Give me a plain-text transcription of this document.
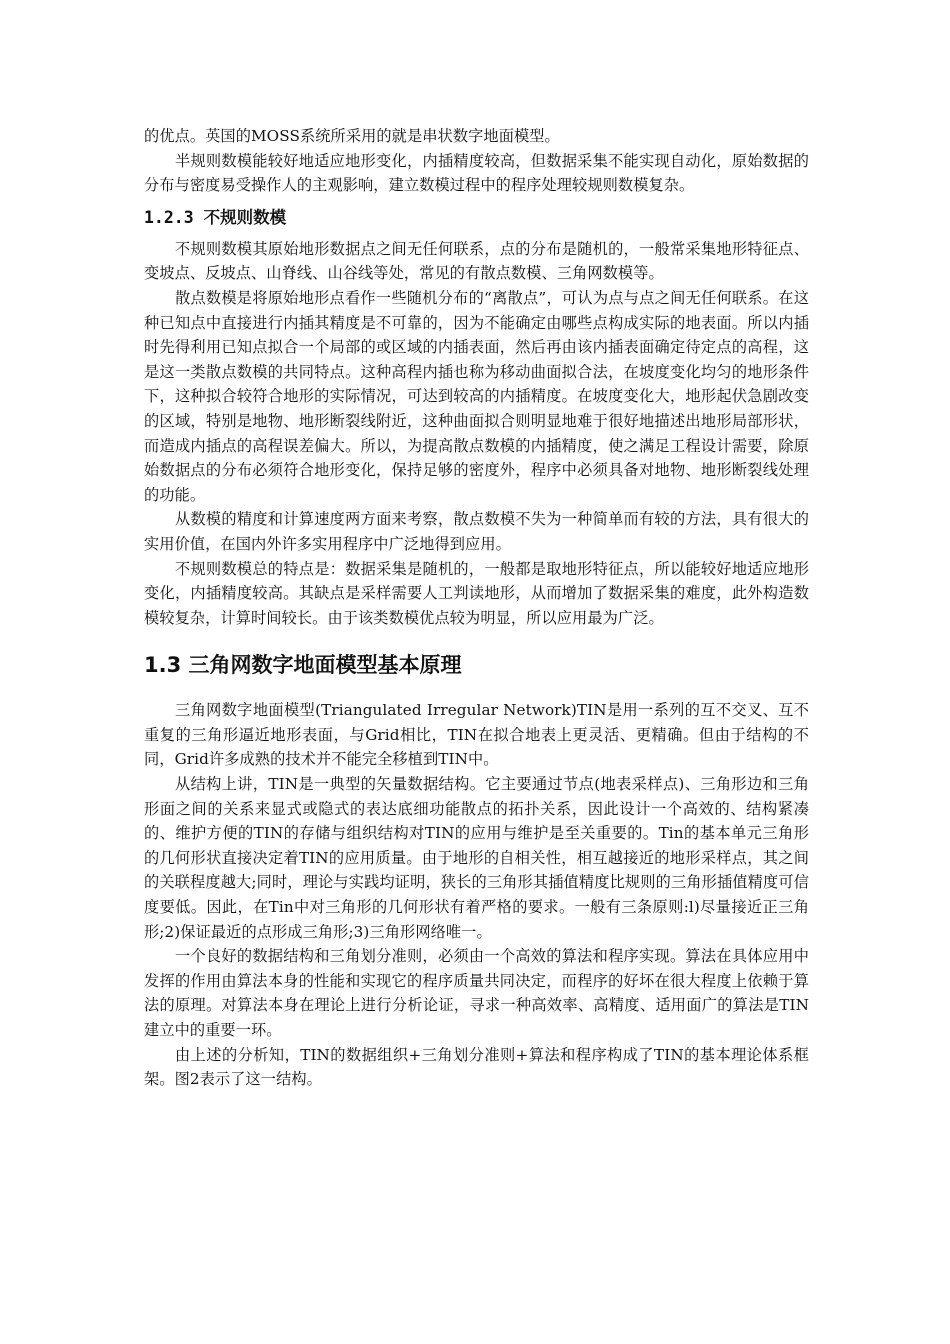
的优点。英国的MOSS系统所采用的就是串状数字地面模型。

半规则数模能较好地适应地形变化，内插精度较高，但数据采集不能实现自动化，原始数据的分布与密度易受操作人的主观影响，建立数模过程中的程序处理较规则数模复杂。

1.2.3 不规则数模

不规则数模其原始地形数据点之间无任何联系，点的分布是随机的，一般常采集地形特征点、变坡点、反坡点、山脊线、山谷线等处，常见的有散点数模、三角网数模等。

散点数模是将原始地形点看作一些随机分布的“离散点”，可认为点与点之间无任何联系。在这种已知点中直接进行内插其精度是不可靠的，因为不能确定由哪些点构成实际的地表面。所以内插时先得利用已知点拟合一个局部的或区域的内插表面，然后再由该内插表面确定待定点的高程，这是这一类散点数模的共同特点。这种高程内插也称为移动曲面拟合法，在坡度变化均匀的地形条件下，这种拟合较符合地形的实际情况，可达到较高的内插精度。在坡度变化大，地形起伏急剧改变的区域，特别是地物、地形断裂线附近，这种曲面拟合则明显地难于很好地描述出地形局部形状，而造成内插点的高程误差偏大。所以，为提高散点数模的内插精度，使之满足工程设计需要，除原始数据点的分布必须符合地形变化，保持足够的密度外，程序中必须具备对地物、地形断裂线处理的功能。

从数模的精度和计算速度两方面来考察，散点数模不失为一种简单而有较的方法，具有很大的实用价值，在国内外许多实用程序中广泛地得到应用。

不规则数模总的特点是：数据采集是随机的，一般都是取地形特征点，所以能较好地适应地形变化，内插精度较高。其缺点是采样需要人工判读地形，从而增加了数据采集的难度，此外构造数模较复杂，计算时间较长。由于该类数模优点较为明显，所以应用最为广泛。

1.3 三角网数字地面模型基本原理

三角网数字地面模型(Triangulated Irregular Network)TIN是用一系列的互不交叉、互不重复的三角形逼近地形表面，与Grid相比，TIN在拟合地表上更灵活、更精确。但由于结构的不同，Grid许多成熟的技术并不能完全移植到TIN中。

从结构上讲，TIN是一典型的矢量数据结构。它主要通过节点(地表采样点)、三角形边和三角形面之间的关系来显式或隐式的表达底细功能散点的拓扑关系，因此设计一个高效的、结构紧凑的、维护方便的TIN的存储与组织结构对TIN的应用与维护是至关重要的。Tin的基本单元三角形的几何形状直接决定着TIN的应用质量。由于地形的自相关性，相互越接近的地形采样点，其之间的关联程度越大;同时，理论与实践均证明，狭长的三角形其插值精度比规则的三角形插值精度可信度要低。因此，在Tin中对三角形的几何形状有着严格的要求。一般有三条原则:l)尽量接近正三角形;2)保证最近的点形成三角形;3)三角形网络唯一。

一个良好的数据结构和三角划分准则，必须由一个高效的算法和程序实现。算法在具体应用中发挥的作用由算法本身的性能和实现它的程序质量共同决定，而程序的好坏在很大程度上依赖于算法的原理。对算法本身在理论上进行分析论证，寻求一种高效率、高精度、适用面广的算法是TIN建立中的重要一环。

由上述的分析知，TIN的数据组织+三角划分准则+算法和程序构成了TIN的基本理论体系框架。图2表示了这一结构。
